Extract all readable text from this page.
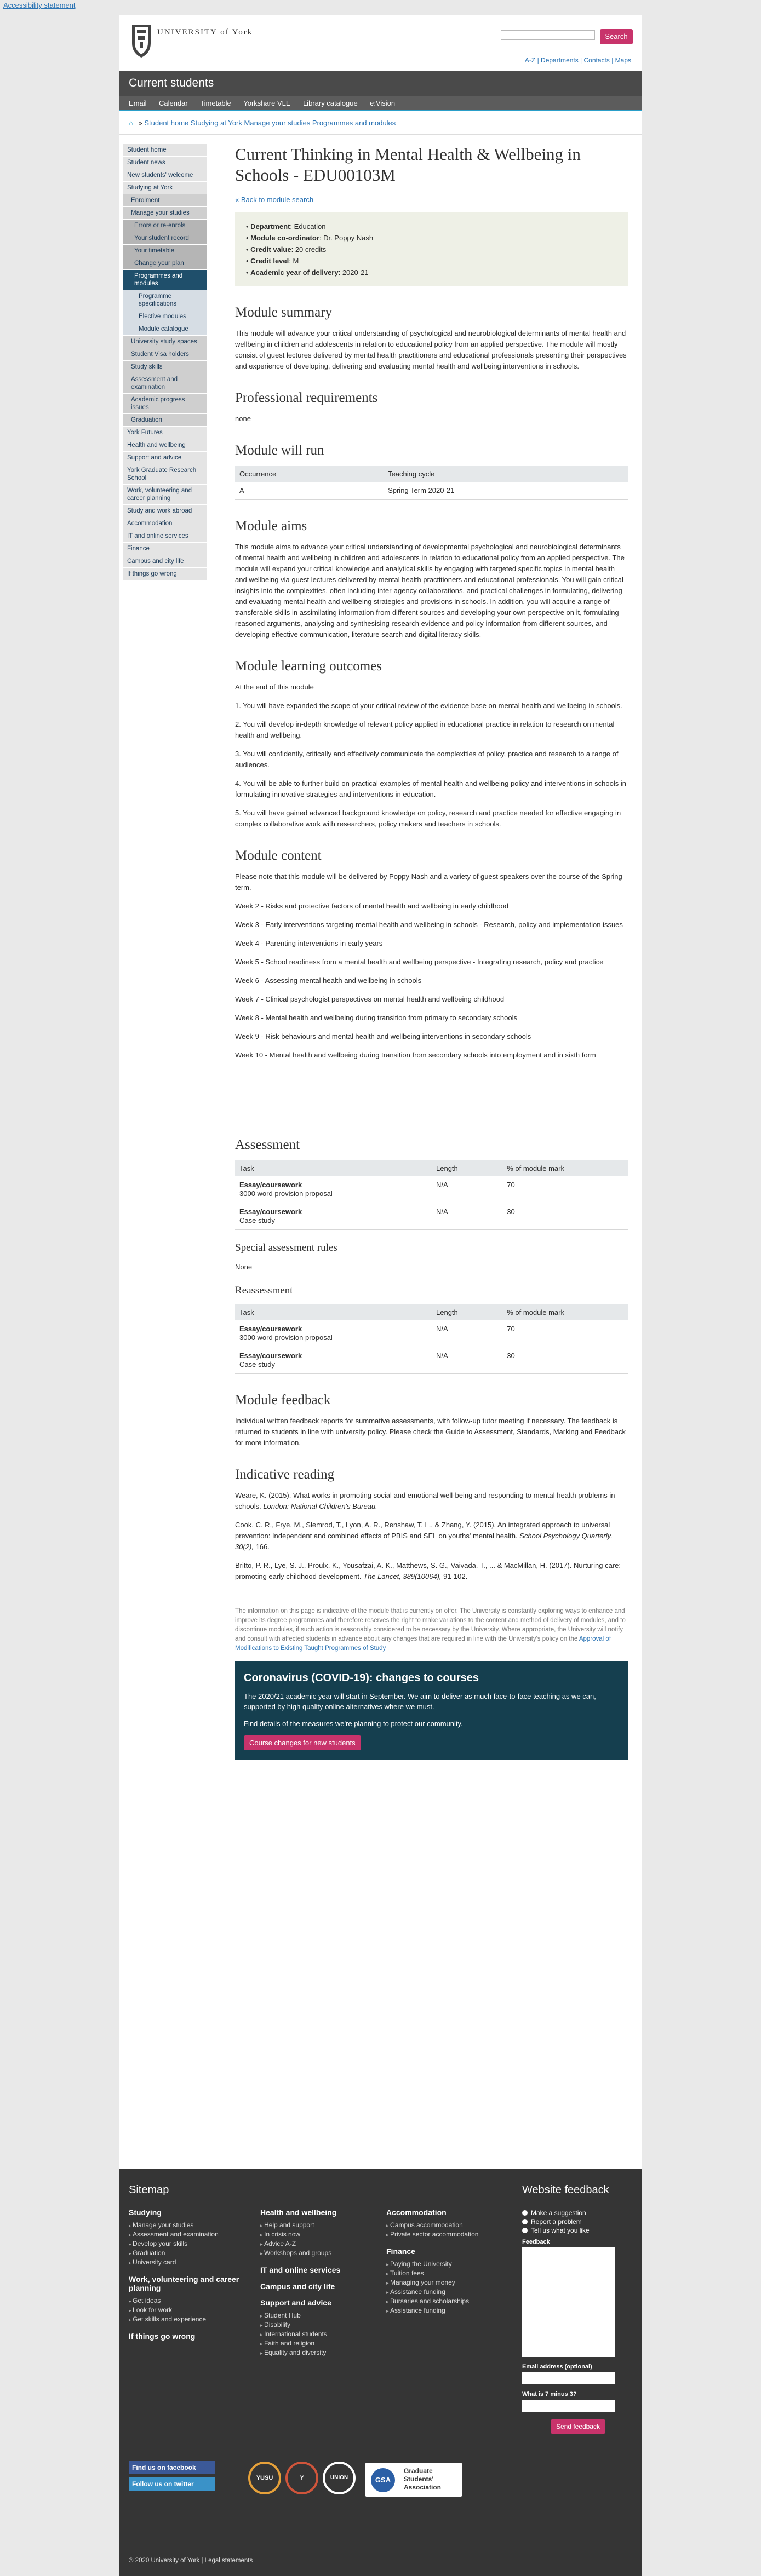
Accessibility statement
UNIVERSITY of York	Search
A-Z | Departments | Contacts | Maps
Current students
Email Calendar Timetable Yorkshare VLE Library catalogue e:Vision
⌂ » Student home Studying at York Manage your studies Programmes and modules
Student home
Student news
New students' welcome
Studying at York
Enrolment
Manage your studies
Errors or re-enrols
Your student record
Your timetable
Change your plan
Programmes and modules
Programme specifications
Elective modules
Module catalogue
University study spaces
Student Visa holders
Study skills
Assessment and examination
Academic progress issues
Graduation
York Futures
Health and wellbeing
Support and advice
York Graduate Research School
Work, volunteering and career planning
Study and work abroad
Accommodation
IT and online services
Finance
Campus and city life
If things go wrong
Current Thinking in Mental Health & Wellbeing in Schools - EDU00103M
« Back to module search
• Department: Education
• Module co-ordinator: Dr. Poppy Nash
• Credit value: 20 credits
• Credit level: M
• Academic year of delivery: 2020-21
Module summary

This module will advance your critical understanding of psychological and neurobiological determinants of mental health and wellbeing in children and adolescents in relation to educational policy from an applied perspective. The module will mostly consist of guest lectures delivered by mental health practitioners and educational professionals presenting their perspectives and experience of developing, delivering and evaluating mental health and wellbeing interventions in schools.

Professional requirements

none

Module will run
Occurrence	Teaching cycle
A	Spring Term 2020-21
Module aims

This module aims to advance your critical understanding of developmental psychological and neurobiological determinants of mental health and wellbeing in children and adolescents in relation to educational policy from an applied perspective. The module will expand your critical knowledge and analytical skills by engaging with targeted specific topics in mental health and wellbeing via guest lectures delivered by mental health practitioners and educational professionals. You will gain critical insights into the complexities, often including inter-agency collaborations, and practical challenges in formulating, delivering and evaluating mental health and wellbeing strategies and provisions in schools. In addition, you will acquire a range of transferable skills in assimilating information from different sources and developing your own perspective on it, formulating reasoned arguments, analysing and synthesising research evidence and policy information from different sources, and developing effective communication, literature search and digital literacy skills.

Module learning outcomes

At the end of this module

1. You will have expanded the scope of your critical review of the evidence base on mental health and wellbeing in schools.

2. You will develop in-depth knowledge of relevant policy applied in educational practice in relation to research on mental health and wellbeing.

3. You will confidently, critically and effectively communicate the complexities of policy, practice and research to a range of audiences.

4. You will be able to further build on practical examples of mental health and wellbeing policy and interventions in schools in formulating innovative strategies and interventions in education.

5. You will have gained advanced background knowledge on policy, research and practice needed for effective engaging in complex collaborative work with researchers, policy makers and teachers in schools.

Module content

Please note that this module will be delivered by Poppy Nash and a variety of guest speakers over the course of the Spring term.

Week 2 - Risks and protective factors of mental health and wellbeing in early childhood

Week 3 - Early interventions targeting mental health and wellbeing in schools - Research, policy and implementation issues

Week 4 - Parenting interventions in early years

Week 5 - School readiness from a mental health and wellbeing perspective - Integrating research, policy and practice

Week 6 - Assessing mental health and wellbeing in schools

Week 7 - Clinical psychologist perspectives on mental health and wellbeing childhood

Week 8 - Mental health and wellbeing during transition from primary to secondary schools

Week 9 - Risk behaviours and mental health and wellbeing interventions in secondary schools

Week 10 - Mental health and wellbeing during transition from secondary schools into employment and in sixth form

Assessment
Task	Length	% of module mark
Essay/coursework
3000 word provision proposal	N/A	70
Essay/coursework
Case study	N/A	30
Special assessment rules

None

Reassessment
Task	Length	% of module mark
Essay/coursework
3000 word provision proposal	N/A	70
Essay/coursework
Case study	N/A	30
Module feedback

Individual written feedback reports for summative assessments, with follow-up tutor meeting if necessary. The feedback is returned to students in line with university policy. Please check the Guide to Assessment, Standards, Marking and Feedback for more information.

Indicative reading

Weare, K. (2015). What works in promoting social and emotional well-being and responding to mental health problems in schools. London: National Children's Bureau.

Cook, C. R., Frye, M., Slemrod, T., Lyon, A. R., Renshaw, T. L., & Zhang, Y. (2015). An integrated approach to universal prevention: Independent and combined effects of PBIS and SEL on youths' mental health. School Psychology Quarterly, 30(2), 166.

Britto, P. R., Lye, S. J., Proulx, K., Yousafzai, A. K., Matthews, S. G., Vaivada, T., ... & MacMillan, H. (2017). Nurturing care: promoting early childhood development. The Lancet, 389(10064), 91-102.

The information on this page is indicative of the module that is currently on offer. The University is constantly exploring ways to enhance and improve its degree programmes and therefore reserves the right to make variations to the content and method of delivery of modules, and to discontinue modules, if such action is reasonably considered to be necessary by the University. Where appropriate, the University will notify and consult with affected students in advance about any changes that are required in line with the University's policy on the Approval of Modifications to Existing Taught Programmes of Study
Coronavirus (COVID-19): changes to courses

The 2020/21 academic year will start in September. We aim to deliver as much face-to-face teaching as we can, supported by high quality online alternatives where we must.

Find details of the measures we're planning to protect our community.

Course changes for new students
Sitemap
Studying
▸ Manage your studies
▸ Assessment and examination
▸ Develop your skills
▸ Graduation
▸ University card
Work, volunteering and career planning
▸ Get ideas
▸ Look for work
▸ Get skills and experience
If things go wrong
Health and wellbeing
▸ Help and support
▸ In crisis now
▸ Advice A-Z
▸ Workshops and groups
IT and online services
Campus and city life
Support and advice
▸ Student Hub
▸ Disability
▸ International students
▸ Faith and religion
▸ Equality and diversity
Accommodation
▸ Campus accommodation
▸ Private sector accommodation
Finance
▸ Paying the University
▸ Tuition fees
▸ Managing your money
▸ Assistance funding
▸ Bursaries and scholarships
▸ Assistance funding
Website feedback
Make a suggestion
Report a problem
Tell us what you like
Feedback
Email address (optional)
What is 7 minus 3?
Send feedback
Find us on facebook
Follow us on twitter
YUSU	Y	UNION	GSA
Graduate Students' Association
© 2020 University of York | Legal statements
